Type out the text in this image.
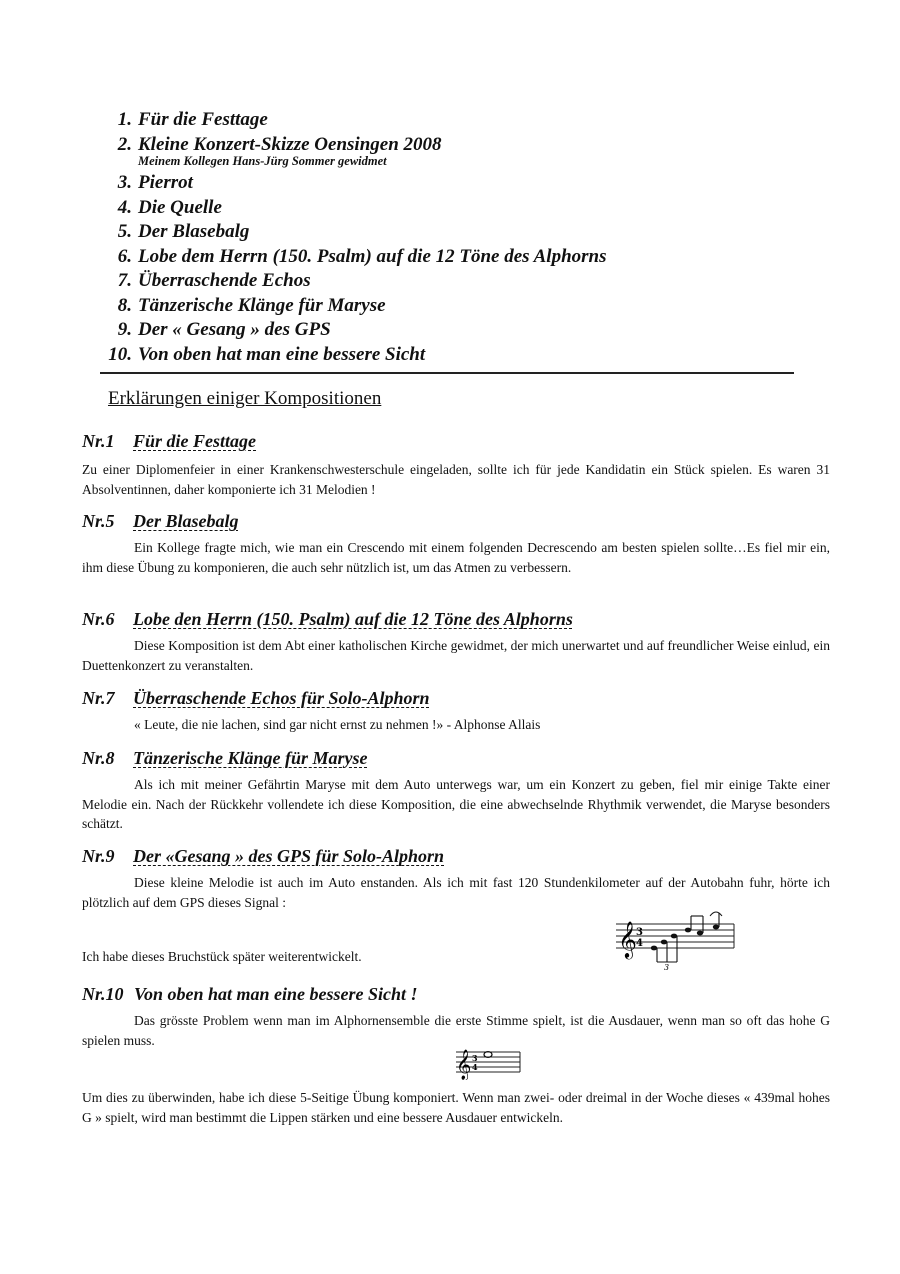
1. Für die Festtage
2. Kleine Konzert-Skizze Oensingen 2008
Meinem Kollegen Hans-Jürg Sommer gewidmet
3. Pierrot
4. Die Quelle
5. Der Blasebalg
6. Lobe dem Herrn (150. Psalm) auf die 12 Töne des Alphorns
7. Überraschende Echos
8. Tänzerische Klänge für Maryse
9. Der « Gesang » des GPS
10. Von oben hat man eine bessere Sicht
Erklärungen einiger Kompositionen
Nr.1	Für die Festtage
Zu einer Diplomenfeier in einer Krankenschwesterschule eingeladen, sollte ich für jede Kandidatin ein Stück spielen. Es waren 31 Absolventinnen, daher komponierte ich 31 Melodien !
Nr.5	Der Blasebalg
Ein Kollege fragte mich, wie man ein Crescendo mit einem folgenden Decrescendo am besten spielen sollte…Es fiel mir ein, ihm diese Übung zu komponieren, die auch sehr nützlich ist, um das Atmen zu verbessern.
Nr.6	Lobe den Herrn (150. Psalm) auf die 12 Töne des Alphorns
Diese Komposition ist dem Abt einer katholischen Kirche gewidmet, der mich unerwartet und auf freundlicher Weise einlud, ein Duettenkonzert zu veranstalten.
Nr.7	Überraschende Echos für Solo-Alphorn
« Leute, die nie lachen, sind gar nicht ernst zu nehmen !» - Alphonse Allais
Nr.8	Tänzerische Klänge für Maryse
Als ich mit meiner Gefährtin Maryse mit dem Auto unterwegs war, um ein Konzert zu geben, fiel mir einige Takte einer Melodie ein. Nach der Rückkehr vollendete ich diese Komposition, die eine abwechselnde Rhythmik verwendet, die Maryse besonders schätzt.
Nr.9	Der «Gesang » des GPS für Solo-Alphorn
Diese kleine Melodie ist auch im Auto enstanden. Als ich mit fast 120 Stundenkilometer auf der Autobahn fuhr, hörte ich plötzlich auf dem GPS dieses Signal :
Ich habe dieses Bruchstück später weiterentwickelt.	𝄞 3
4
3
Nr.10 Von oben hat man eine bessere Sicht !
Das grösste Problem wenn man im Alphornensemble die erste Stimme spielt, ist die Ausdauer, wenn man so oft das hohe G spielen muss.
𝄞 3
4
Um dies zu überwinden, habe ich diese 5-Seitige Übung komponiert. Wenn man zwei- oder dreimal in der Woche dieses « 439mal hohes G » spielt, wird man bestimmt die Lippen stärken und eine bessere Ausdauer entwickeln.
